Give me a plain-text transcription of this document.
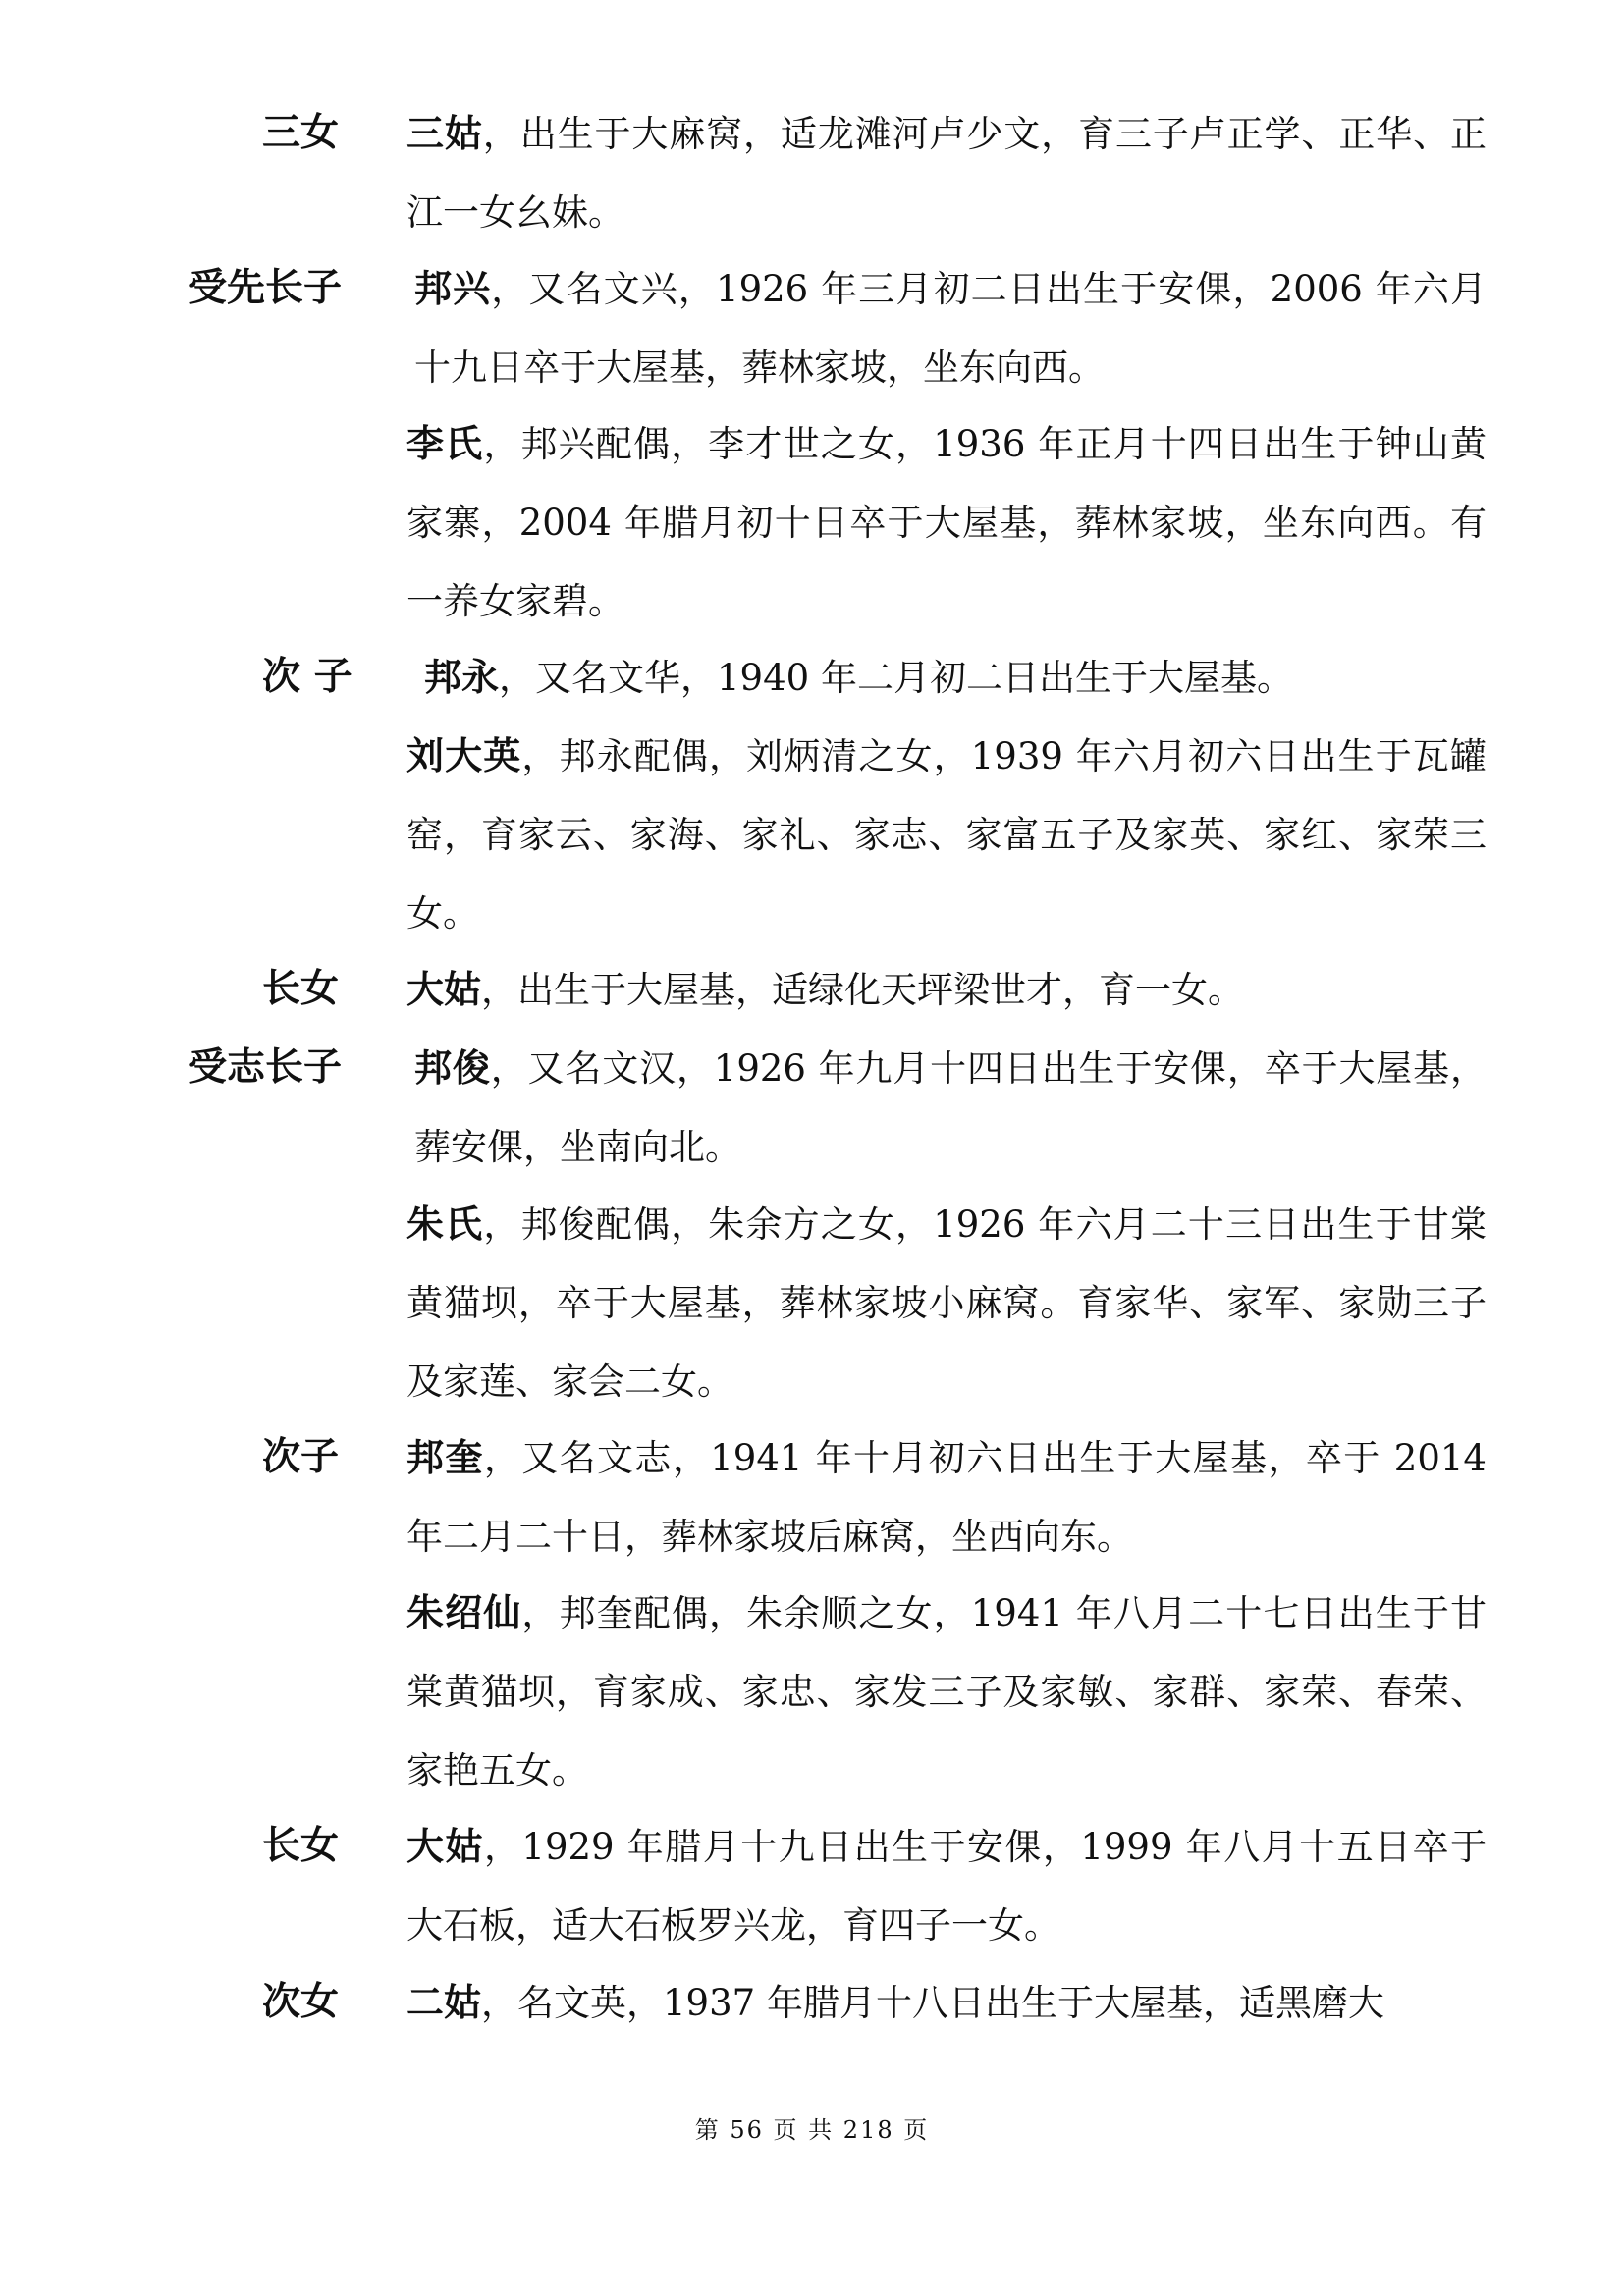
三女 三姑，出生于大麻窝，适龙滩河卢少文，育三子卢正学、正华、正江一女幺妹。
受先长子 邦兴，又名文兴，1926 年三月初二日出生于安倮，2006 年六月十九日卒于大屋基，葬林家坡，坐东向西。
李氏，邦兴配偶，李才世之女，1936 年正月十四日出生于钟山黄家寨，2004 年腊月初十日卒于大屋基，葬林家坡，坐东向西。有一养女家碧。
次 子 邦永，又名文华，1940 年二月初二日出生于大屋基。
刘大英，邦永配偶，刘炳清之女，1939 年六月初六日出生于瓦罐窑，育家云、家海、家礼、家志、家富五子及家英、家红、家荣三女。
长女 大姑，出生于大屋基，适绿化天坪梁世才，育一女。
受志长子 邦俊，又名文汉，1926 年九月十四日出生于安倮，卒于大屋基，葬安倮，坐南向北。
朱氏，邦俊配偶，朱余方之女，1926 年六月二十三日出生于甘棠黄猫坝，卒于大屋基，葬林家坡小麻窝。育家华、家军、家勋三子及家莲、家会二女。
次子 邦奎，又名文志，1941 年十月初六日出生于大屋基，卒于 2014 年二月二十日，葬林家坡后麻窝，坐西向东。
朱绍仙，邦奎配偶，朱余顺之女，1941 年八月二十七日出生于甘棠黄猫坝，育家成、家忠、家发三子及家敏、家群、家荣、春荣、家艳五女。
长女 大姑，1929 年腊月十九日出生于安倮，1999 年八月十五日卒于大石板，适大石板罗兴龙，育四子一女。
次女 二姑，名文英，1937 年腊月十八日出生于大屋基，适黑磨大
第 56 页 共 218 页
